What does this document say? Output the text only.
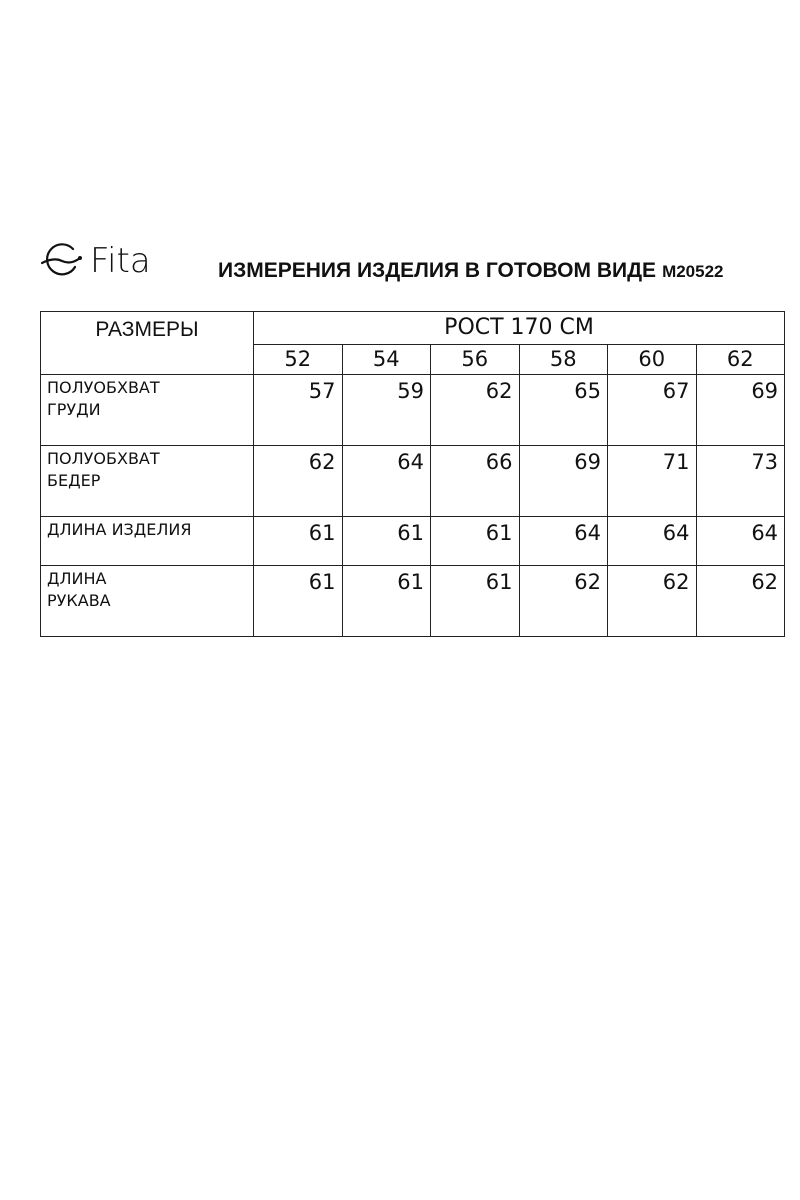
Fita	ИЗМЕРЕНИЯ ИЗДЕЛИЯ В ГОТОВОМ ВИДЕ М20522
РАЗМЕРЫ	РОСТ 170 СМ					
	52	54	56	58	60	62
ПОЛУОБХВАТ
ГРУДИ	57	59	62	65	67	69
ПОЛУОБХВАТ
БЕДЕР	62	64	66	69	71	73
ДЛИНА ИЗДЕЛИЯ	61	61	61	64	64	64
ДЛИНА
РУКАВА	61	61	61	62	62	62
